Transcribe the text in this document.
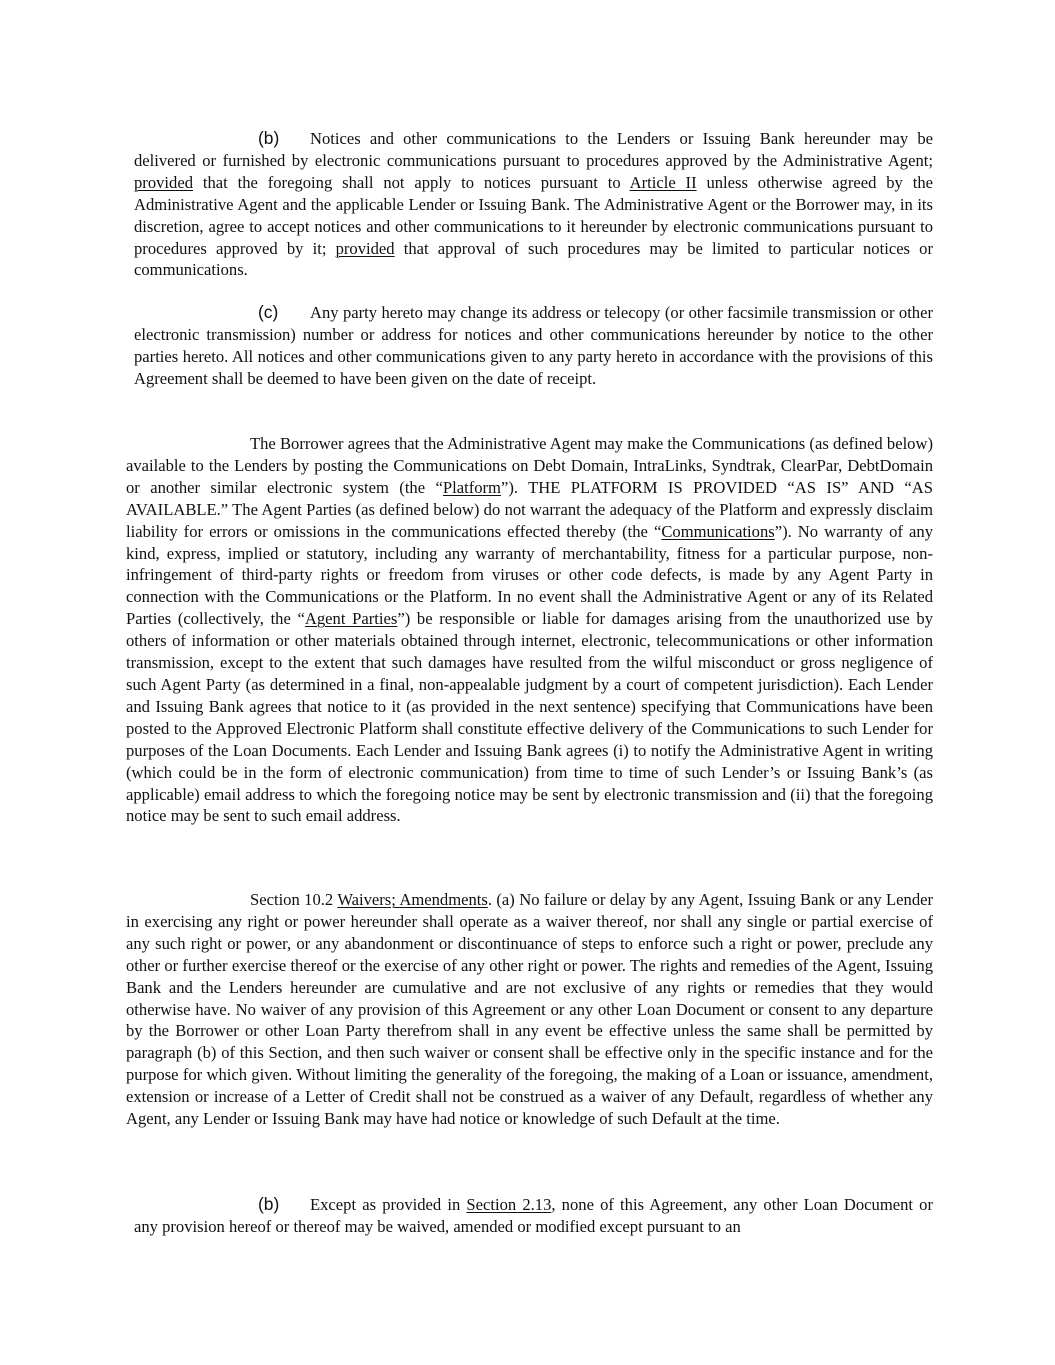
(b) Notices and other communications to the Lenders or Issuing Bank hereunder may be delivered or furnished by electronic communications pursuant to procedures approved by the Administrative Agent; provided that the foregoing shall not apply to notices pursuant to Article II unless otherwise agreed by the Administrative Agent and the applicable Lender or Issuing Bank. The Administrative Agent or the Borrower may, in its discretion, agree to accept notices and other communications to it hereunder by electronic communications pursuant to procedures approved by it; provided that approval of such procedures may be limited to particular notices or communications.

(c) Any party hereto may change its address or telecopy (or other facsimile transmission or other electronic transmission) number or address for notices and other communications hereunder by notice to the other parties hereto. All notices and other communications given to any party hereto in accordance with the provisions of this Agreement shall be deemed to have been given on the date of receipt.

The Borrower agrees that the Administrative Agent may make the Communications (as defined below) available to the Lenders by posting the Communications on Debt Domain, IntraLinks, Syndtrak, ClearPar, DebtDomain or another similar electronic system (the “Platform”). THE PLATFORM IS PROVIDED “AS IS” AND “AS AVAILABLE.” The Agent Parties (as defined below) do not warrant the adequacy of the Platform and expressly disclaim liability for errors or omissions in the communications effected thereby (the “Communications”). No warranty of any kind, express, implied or statutory, including any warranty of merchantability, fitness for a particular purpose, non-infringement of third-party rights or freedom from viruses or other code defects, is made by any Agent Party in connection with the Communications or the Platform. In no event shall the Administrative Agent or any of its Related Parties (collectively, the “Agent Parties”) be responsible or liable for damages arising from the unauthorized use by others of information or other materials obtained through internet, electronic, telecommunications or other information transmission, except to the extent that such damages have resulted from the wilful misconduct or gross negligence of such Agent Party (as determined in a final, non-appealable judgment by a court of competent jurisdiction). Each Lender and Issuing Bank agrees that notice to it (as provided in the next sentence) specifying that Communications have been posted to the Approved Electronic Platform shall constitute effective delivery of the Communications to such Lender for purposes of the Loan Documents. Each Lender and Issuing Bank agrees (i) to notify the Administrative Agent in writing (which could be in the form of electronic communication) from time to time of such Lender’s or Issuing Bank’s (as applicable) email address to which the foregoing notice may be sent by electronic transmission and (ii) that the foregoing notice may be sent to such email address.

Section 10.2 Waivers; Amendments. (a) No failure or delay by any Agent, Issuing Bank or any Lender in exercising any right or power hereunder shall operate as a waiver thereof, nor shall any single or partial exercise of any such right or power, or any abandonment or discontinuance of steps to enforce such a right or power, preclude any other or further exercise thereof or the exercise of any other right or power. The rights and remedies of the Agent, Issuing Bank and the Lenders hereunder are cumulative and are not exclusive of any rights or remedies that they would otherwise have. No waiver of any provision of this Agreement or any other Loan Document or consent to any departure by the Borrower or other Loan Party therefrom shall in any event be effective unless the same shall be permitted by paragraph (b) of this Section, and then such waiver or consent shall be effective only in the specific instance and for the purpose for which given. Without limiting the generality of the foregoing, the making of a Loan or issuance, amendment, extension or increase of a Letter of Credit shall not be construed as a waiver of any Default, regardless of whether any Agent, any Lender or Issuing Bank may have had notice or knowledge of such Default at the time.

(b) Except as provided in Section 2.13, none of this Agreement, any other Loan Document or any provision hereof or thereof may be waived, amended or modified except pursuant to an
